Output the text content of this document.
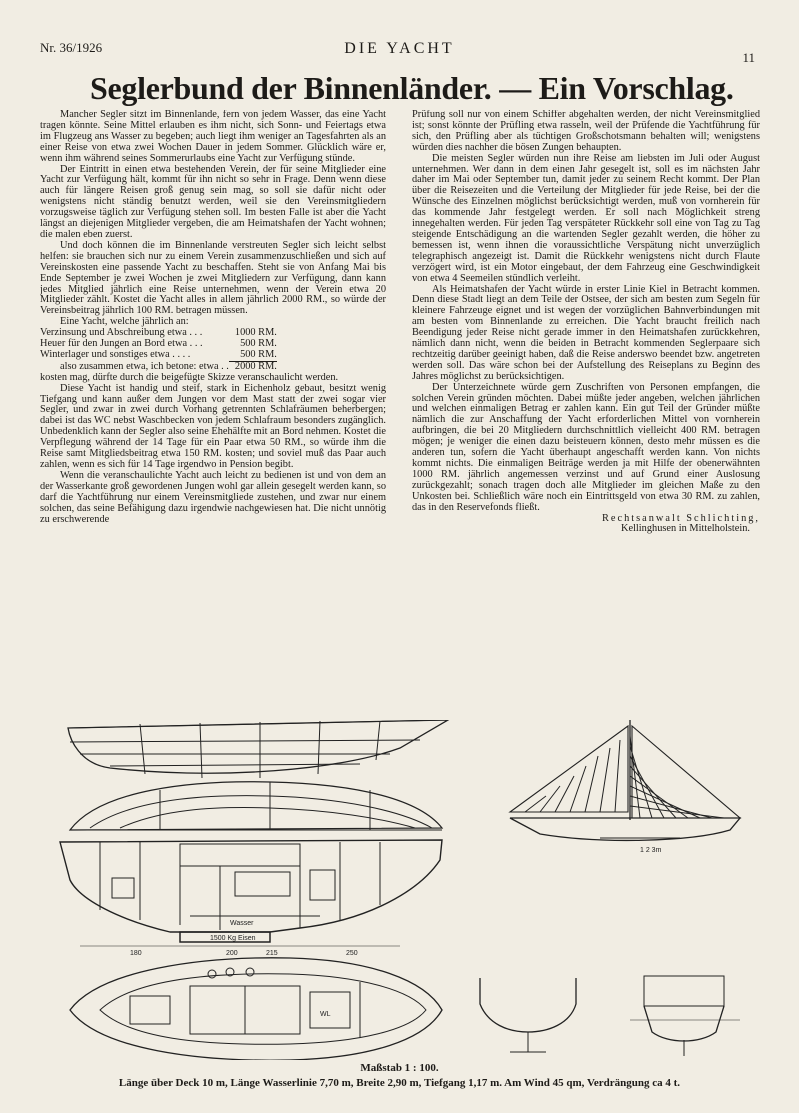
Nr. 36/1926	DIE YACHT
11
Seglerbund der Binnenländer. — Ein Vorschlag.

Mancher Segler sitzt im Binnenlande, fern von jedem Wasser, das eine Yacht tragen könnte. Seine Mittel erlauben es ihm nicht, sich Sonn- und Feiertags etwa im Flugzeug ans Wasser zu begeben; auch liegt ihm weniger an Tagesfahrten als an einer Reise von etwa zwei Wochen Dauer in jedem Sommer. Glücklich wäre er, wenn ihm während seines Sommerurlaubs eine Yacht zur Verfügung stünde.

Der Eintritt in einen etwa bestehenden Verein, der für seine Mitglieder eine Yacht zur Verfügung hält, kommt für ihn nicht so sehr in Frage. Denn wenn diese auch für längere Reisen groß genug sein mag, so soll sie dafür nicht oder wenigstens nicht ständig benutzt werden, weil sie den Vereinsmitgliedern vorzugsweise täglich zur Verfügung stehen soll. Im besten Falle ist aber die Yacht längst an diejenigen Mitglieder vergeben, die am Heimatshafen der Yacht wohnen; die malen eben zuerst.

Und doch können die im Binnenlande verstreuten Segler sich leicht selbst helfen: sie brauchen sich nur zu einem Verein zusammenzuschließen und sich auf Vereinskosten eine passende Yacht zu beschaffen. Steht sie von Anfang Mai bis Ende September je zwei Wochen je zwei Mitgliedern zur Verfügung, dann kann jedes Mitglied jährlich eine Reise unternehmen, wenn der Verein etwa 20 Mitglieder zählt. Kostet die Yacht alles in allem jährlich 2000 RM., so würde der Vereinsbeitrag jährlich 100 RM. betragen müssen.

Eine Yacht, welche jährlich an:

Verzinsung und Abschreibung etwa . . .	1000 RM.
Heuer für den Jungen an Bord etwa . . .	500 RM.
Winterlager und sonstiges etwa . . . .	500 RM.
also zusammen etwa, ich betone: etwa . .	2000 RM.

kosten mag, dürfte durch die beigefügte Skizze veranschaulicht werden.

Diese Yacht ist handig und steif, stark in Eichenholz gebaut, besitzt wenig Tiefgang und kann außer dem Jungen vor dem Mast statt der zwei sogar vier Segler, und zwar in zwei durch Vorhang getrennten Schlafräumen beherbergen; dabei ist das WC nebst Waschbecken von jedem Schlafraum besonders zugänglich. Unbedenklich kann der Segler also seine Ehehälfte mit an Bord nehmen. Kostet die Verpflegung während der 14 Tage für ein Paar etwa 50 RM., so würde ihm die Reise samt Mitgliedsbeitrag etwa 150 RM. kosten; und soviel muß das Paar auch zahlen, wenn es sich für 14 Tage irgendwo in Pension begibt.

Wenn die veranschaulichte Yacht auch leicht zu bedienen ist und von dem an der Wasserkante groß gewordenen Jungen wohl gar allein gesegelt werden kann, so darf die Yachtführung nur einem Vereinsmitgliede zustehen, und zwar nur einem solchen, das seine Befähigung dazu irgendwie nachgewiesen hat. Die nicht unnötig zu erschwerende

Prüfung soll nur von einem Schiffer abgehalten werden, der nicht Vereinsmitglied ist; sonst könnte der Prüfling etwa rasseln, weil der Prüfende die Yachtführung für sich, den Prüfling aber als tüchtigen Großschotsmann behalten will; wenigstens würden dies nachher die bösen Zungen behaupten.

Die meisten Segler würden nun ihre Reise am liebsten im Juli oder August unternehmen. Wer dann in dem einen Jahr gesegelt ist, soll es im nächsten Jahr daher im Mai oder September tun, damit jeder zu seinem Recht kommt. Der Plan über die Reisezeiten und die Verteilung der Mitglieder für jede Reise, bei der die Wünsche des Einzelnen möglichst berücksichtigt werden, muß von vornherein für das kommende Jahr festgelegt werden. Er soll nach Möglichkeit streng innegehalten werden. Für jeden Tag verspäteter Rückkehr soll eine von Tag zu Tag steigende Entschädigung an die wartenden Segler gezahlt werden, die höher zu bemessen ist, wenn ihnen die voraussichtliche Verspätung nicht unverzüglich telegraphisch angezeigt ist. Damit die Rückkehr wenigstens nicht durch Flaute verzögert wird, ist ein Motor eingebaut, der dem Fahrzeug eine Geschwindigkeit von etwa 4 Seemeilen stündlich verleiht.

Als Heimatshafen der Yacht würde in erster Linie Kiel in Betracht kommen. Denn diese Stadt liegt an dem Teile der Ostsee, der sich am besten zum Segeln für kleinere Fahrzeuge eignet und ist wegen der vorzüglichen Bahnverbindungen mit am besten vom Binnenlande zu erreichen. Die Yacht braucht freilich nach Beendigung jeder Reise nicht gerade immer in den Heimatshafen zurückkehren, nämlich dann nicht, wenn die beiden in Betracht kommenden Seglerpaare sich rechtzeitig darüber geeinigt haben, daß die Reise anderswo beendet bzw. angetreten werden soll. Das wäre schon bei der Aufstellung des Reiseplans zu Beginn des Jahres möglichst zu berücksichtigen.

Der Unterzeichnete würde gern Zuschriften von Personen empfangen, die solchen Verein gründen möchten. Dabei müßte jeder angeben, welchen jährlichen und welchen einmaligen Betrag er zahlen kann. Ein gut Teil der Gründer müßte nämlich die zur Anschaffung der Yacht erforderlichen Mittel von vornherein aufbringen, die bei 20 Mitgliedern durchschnittlich vielleicht 400 RM. betragen mögen; je weniger die einen dazu beisteuern können, desto mehr müssen es die anderen tun, sofern die Yacht überhaupt angeschafft werden kann. Von nichts kommt nichts. Die einmaligen Beiträge werden ja mit Hilfe der obenerwähnten 1000 RM. jährlich angemessen verzinst und auf Grund einer Auslosung zurückgezahlt; sonach tragen doch alle Mitglieder im gleichen Maße zu den Unkosten bei. Schließlich wäre noch ein Eintrittsgeld von etwa 30 RM. zu zahlen, das in den Reservefonds fließt.

Rechtsanwalt Schlichting,

Kellinghusen in Mittelholstein.

1500 Kg Eisen
Wasser
180	200	215	250
WL
1 2 3m
Maßstab 1 : 100.
Länge über Deck 10 m, Länge Wasserlinie 7,70 m, Breite 2,90 m, Tiefgang 1,17 m. Am Wind 45 qm, Verdrängung ca 4 t.
